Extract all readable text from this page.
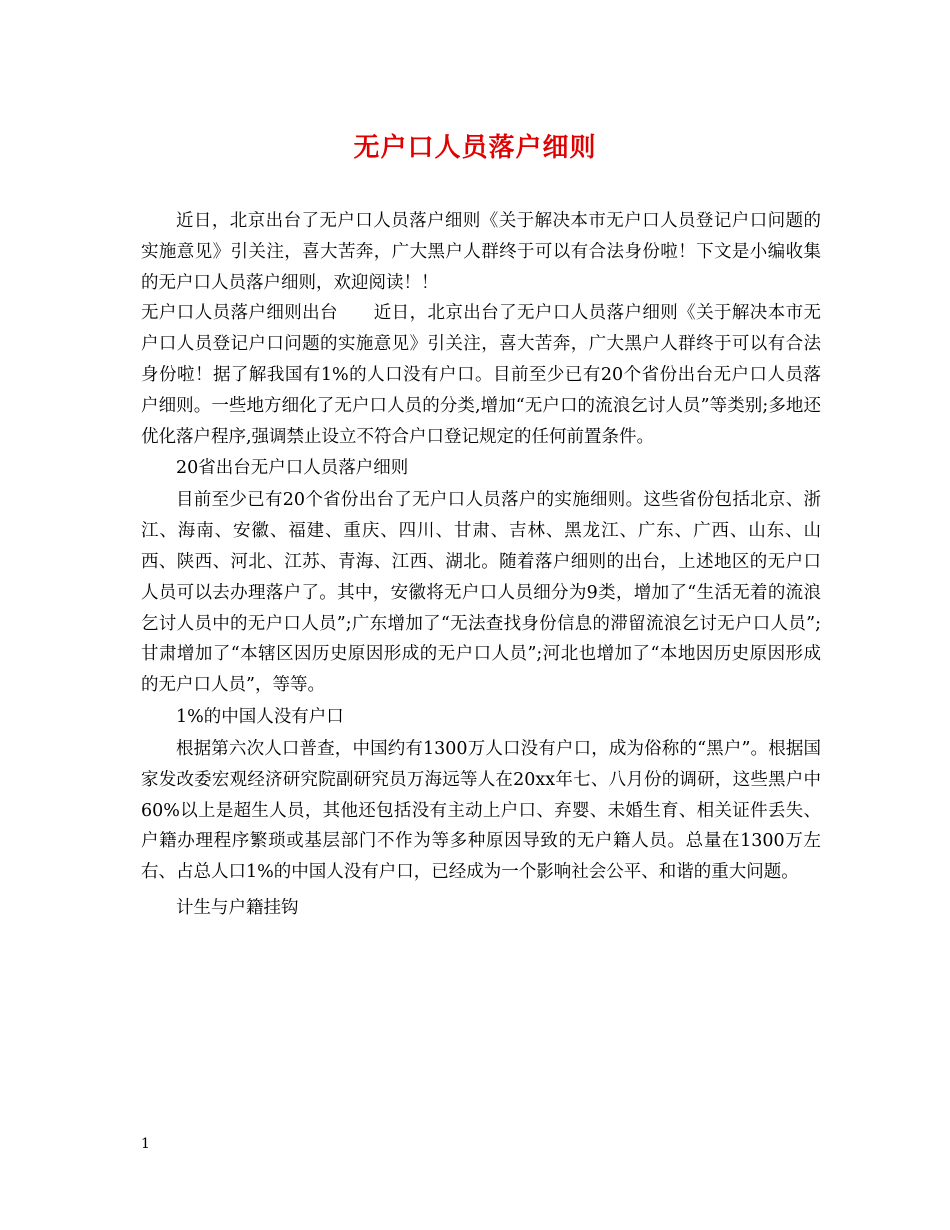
无户口人员落户细则

近日，北京出台了无户口人员落户细则《关于解决本市无户口人员登记户口问题的实施意见》引关注，喜大苦奔，广大黑户人群终于可以有合法身份啦！下文是小编收集的无户口人员落户细则，欢迎阅读！！

无户口人员落户细则出台　　近日，北京出台了无户口人员落户细则《关于解决本市无户口人员登记户口问题的实施意见》引关注，喜大苦奔，广大黑户人群终于可以有合法身份啦！据了解我国有1%的人口没有户口。目前至少已有20个省份出台无户口人员落户细则。一些地方细化了无户口人员的分类,增加“无户口的流浪乞讨人员”等类别;多地还优化落户程序,强调禁止设立不符合户口登记规定的任何前置条件。

20省出台无户口人员落户细则

目前至少已有20个省份出台了无户口人员落户的实施细则。这些省份包括北京、浙江、海南、安徽、福建、重庆、四川、甘肃、吉林、黑龙江、广东、广西、山东、山西、陕西、河北、江苏、青海、江西、湖北。随着落户细则的出台，上述地区的无户口人员可以去办理落户了。其中，安徽将无户口人员细分为9类，增加了“生活无着的流浪乞讨人员中的无户口人员”;广东增加了“无法查找身份信息的滞留流浪乞讨无户口人员”;甘肃增加了“本辖区因历史原因形成的无户口人员”;河北也增加了“本地因历史原因形成的无户口人员”，等等。

1%的中国人没有户口

根据第六次人口普查，中国约有1300万人口没有户口，成为俗称的“黑户”。根据国家发改委宏观经济研究院副研究员万海远等人在20xx年七、八月份的调研，这些黑户中60%以上是超生人员，其他还包括没有主动上户口、弃婴、未婚生育、相关证件丢失、户籍办理程序繁琐或基层部门不作为等多种原因导致的无户籍人员。总量在1300万左右、占总人口1%的中国人没有户口，已经成为一个影响社会公平、和谐的重大问题。

计生与户籍挂钩

1
